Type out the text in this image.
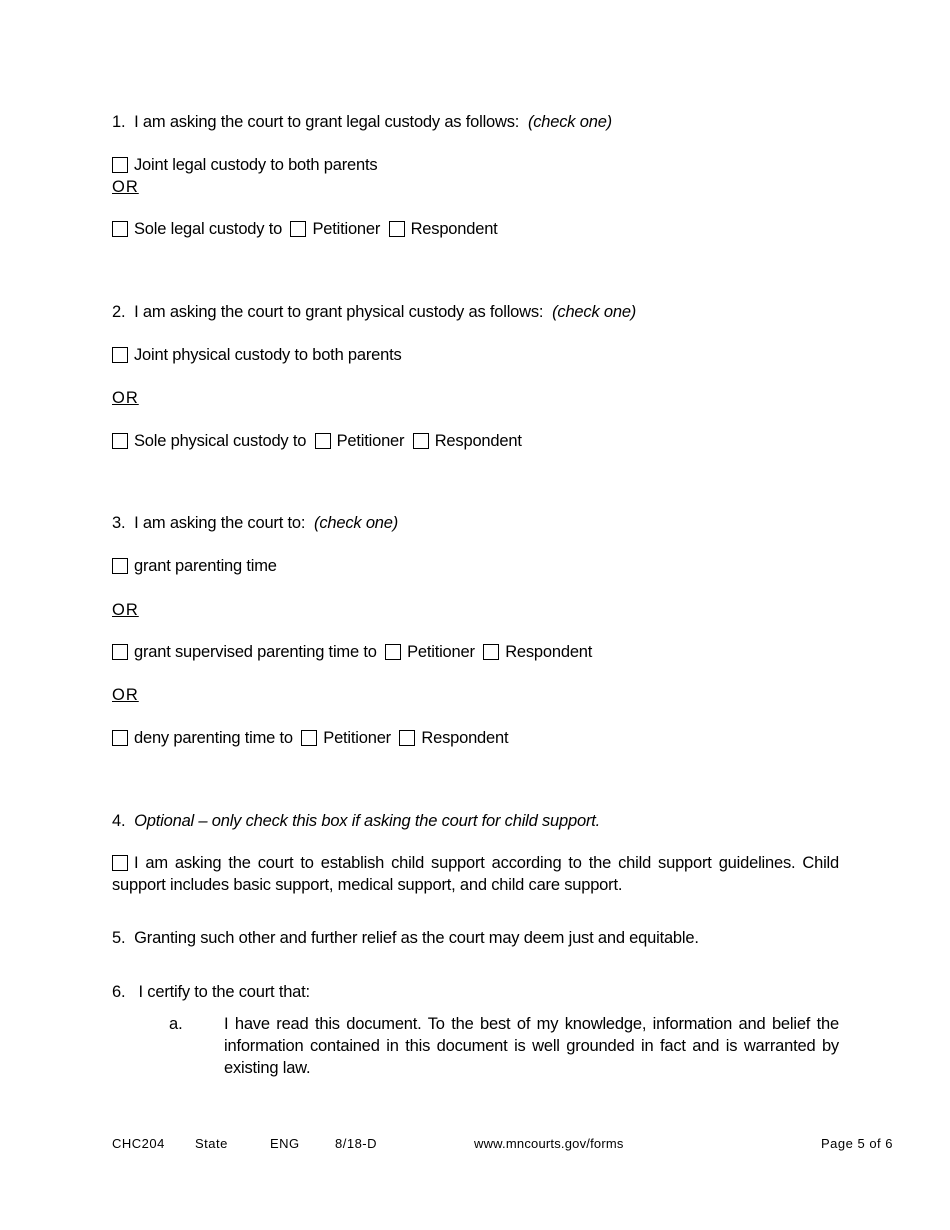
1. I am asking the court to grant legal custody as follows: (check one)
Joint legal custody to both parents
OR
Sole legal custody to Petitioner Respondent
2. I am asking the court to grant physical custody as follows: (check one)
Joint physical custody to both parents
OR
Sole physical custody to Petitioner Respondent
3. I am asking the court to: (check one)
grant parenting time
OR
grant supervised parenting time to Petitioner Respondent
OR
deny parenting time to Petitioner Respondent
4. Optional – only check this box if asking the court for child support.
I am asking the court to establish child support according to the child support guidelines. Child support includes basic support, medical support, and child care support.
5. Granting such other and further relief as the court may deem just and equitable.
6. I certify to the court that:
a. I have read this document. To the best of my knowledge, information and belief the information contained in this document is well grounded in fact and is warranted by existing law.
CHC204 State	ENG	8/18-D	www.mncourts.gov/forms	Page 5 of 6
